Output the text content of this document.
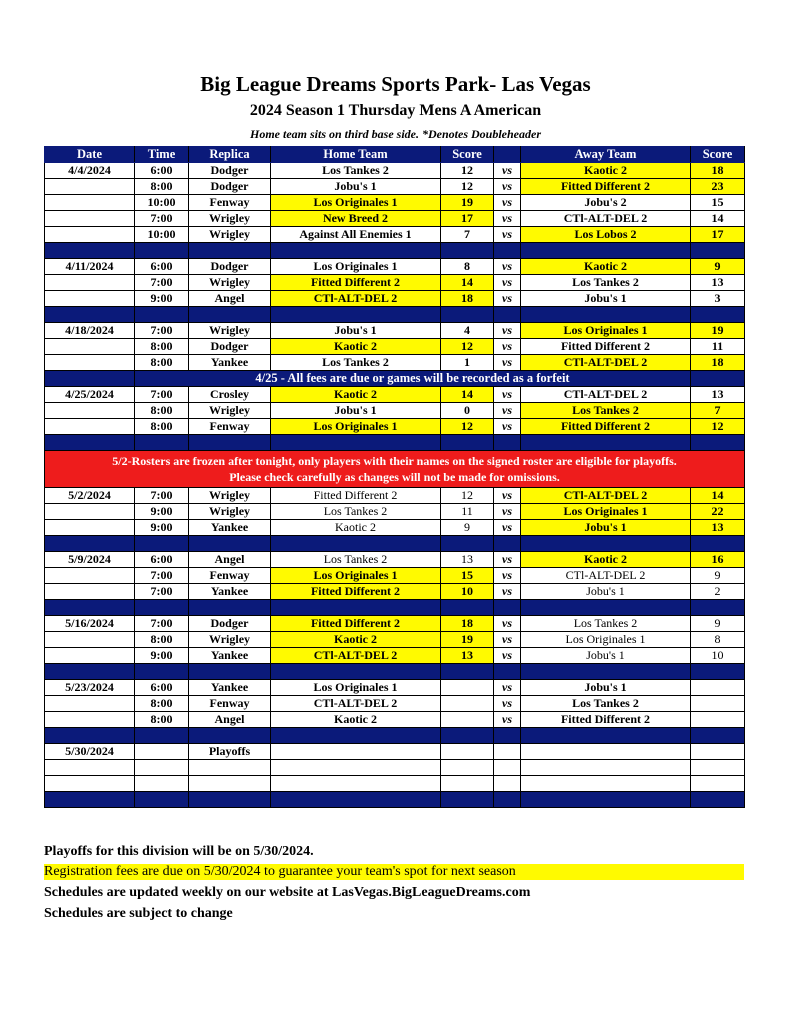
Big League Dreams Sports Park- Las Vegas
2024 Season 1 Thursday Mens A American
Home team sits on third base side. *Denotes Doubleheader
Date	Time	Replica	Home Team	Score		Away Team	Score
4/4/2024	6:00	Dodger	Los Tankes 2	12	vs	Kaotic 2	18
	8:00	Dodger	Jobu's 1	12	vs	Fitted Different 2	23
	10:00	Fenway	Los Originales 1	19	vs	Jobu's 2	15
	7:00	Wrigley	New Breed 2	17	vs	CTl-ALT-DEL 2	14
	10:00	Wrigley	Against All Enemies 1	7	vs	Los Lobos 2	17

4/11/2024	6:00	Dodger	Los Originales 1	8	vs	Kaotic 2	9
	7:00	Wrigley	Fitted Different 2	14	vs	Los Tankes 2	13
	9:00	Angel	CTl-ALT-DEL 2	18	vs	Jobu's 1	3

4/18/2024	7:00	Wrigley	Jobu's 1	4	vs	Los Originales 1	19
	8:00	Dodger	Kaotic 2	12	vs	Fitted Different 2	11
	8:00	Yankee	Los Tankes 2	1	vs	CTl-ALT-DEL 2	18
	4/25 - All fees are due or games will be recorded as a forfeit						
4/25/2024	7:00	Crosley	Kaotic 2	14	vs	CTl-ALT-DEL 2	13
	8:00	Wrigley	Jobu's 1	0	vs	Los Tankes 2	7
	8:00	Fenway	Los Originales 1	12	vs	Fitted Different 2	12

5/2-Rosters are frozen after tonight, only players with their names on the signed roster are eligible for playoffs.
Please check carefully as changes will not be made for omissions.							

5/2/2024	7:00	Wrigley	Fitted Different 2	12	vs	CTl-ALT-DEL 2	14
	9:00	Wrigley	Los Tankes 2	11	vs	Los Originales 1	22
	9:00	Yankee	Kaotic 2	9	vs	Jobu's 1	13

5/9/2024	6:00	Angel	Los Tankes 2	13	vs	Kaotic 2	16
	7:00	Fenway	Los Originales 1	15	vs	CTl-ALT-DEL 2	9
	7:00	Yankee	Fitted Different 2	10	vs	Jobu's 1	2

5/16/2024	7:00	Dodger	Fitted Different 2	18	vs	Los Tankes 2	9
	8:00	Wrigley	Kaotic 2	19	vs	Los Originales 1	8
	9:00	Yankee	CTl-ALT-DEL 2	13	vs	Jobu's 1	10

5/23/2024	6:00	Yankee	Los Originales 1		vs	Jobu's 1	
	8:00	Fenway	CTl-ALT-DEL 2		vs	Los Tankes 2	
	8:00	Angel	Kaotic 2		vs	Fitted Different 2	

5/30/2024		Playoffs					

Playoffs for this division will be on 5/30/2024.
Registration fees are due on 5/30/2024 to guarantee your team's spot for next season
Schedules are updated weekly on our website at LasVegas.BigLeagueDreams.com
Schedules are subject to change
